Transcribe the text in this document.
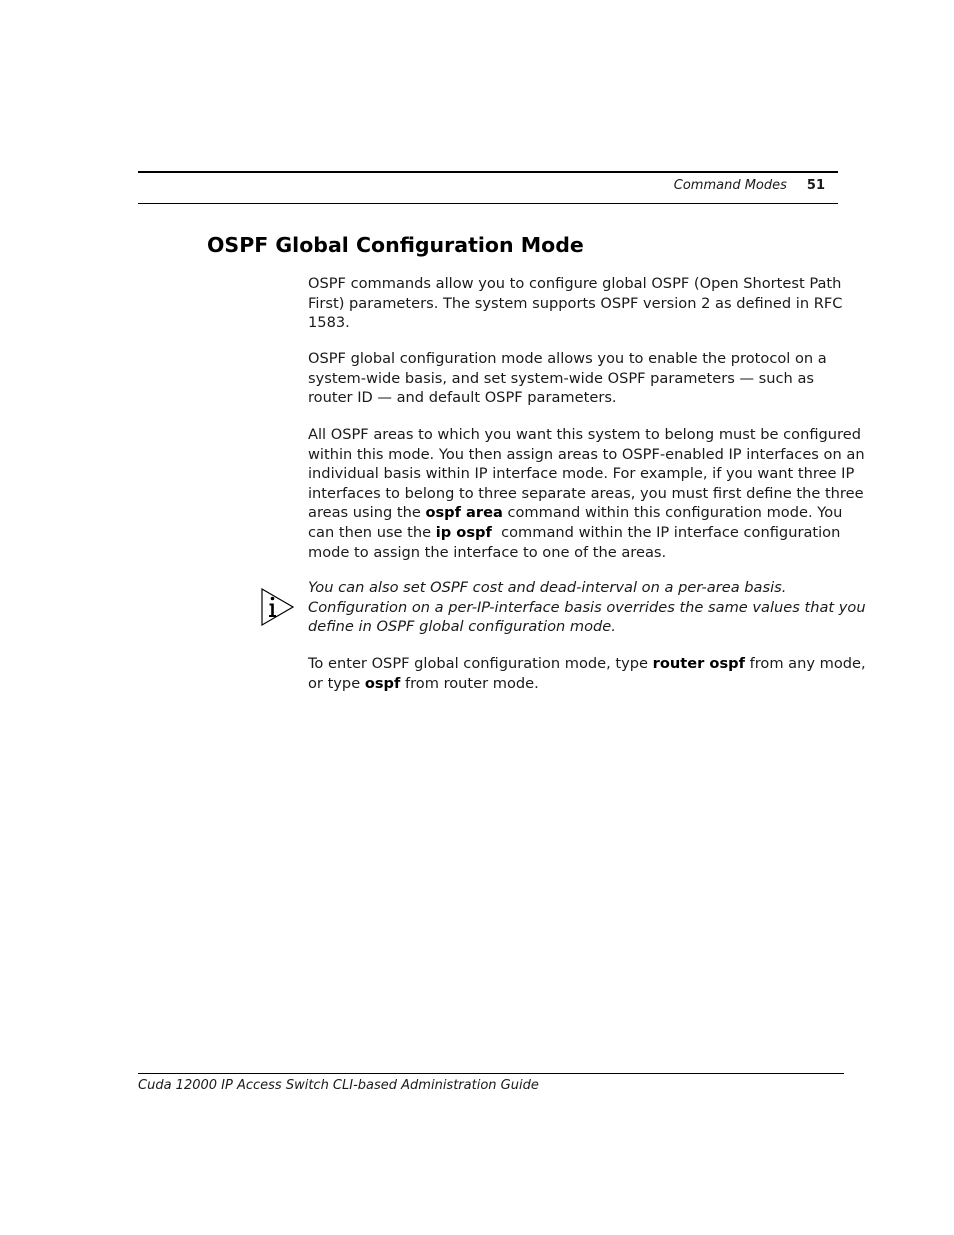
Command Modes 51
OSPF Global Configuration Mode

OSPF commands allow you to configure global OSPF (Open Shortest Path
First) parameters. The system supports OSPF version 2 as defined in RFC
1583.

OSPF global configuration mode allows you to enable the protocol on a
system-wide basis, and set system-wide OSPF parameters — such as
router ID — and default OSPF parameters.

All OSPF areas to which you want this system to belong must be configured
within this mode. You then assign areas to OSPF-enabled IP interfaces on an
individual basis within IP interface mode. For example, if you want three IP
interfaces to belong to three separate areas, you must first define the three
areas using the ospf area command within this configuration mode. You
can then use the ip ospf  command within the IP interface configuration
mode to assign the interface to one of the areas.

You can also set OSPF cost and dead-interval on a per-area basis.
Configuration on a per-IP-interface basis overrides the same values that you
define in OSPF global configuration mode.

To enter OSPF global configuration mode, type router ospf from any mode,
or type ospf from router mode.

Cuda 12000 IP Access Switch CLI-based Administration Guide
